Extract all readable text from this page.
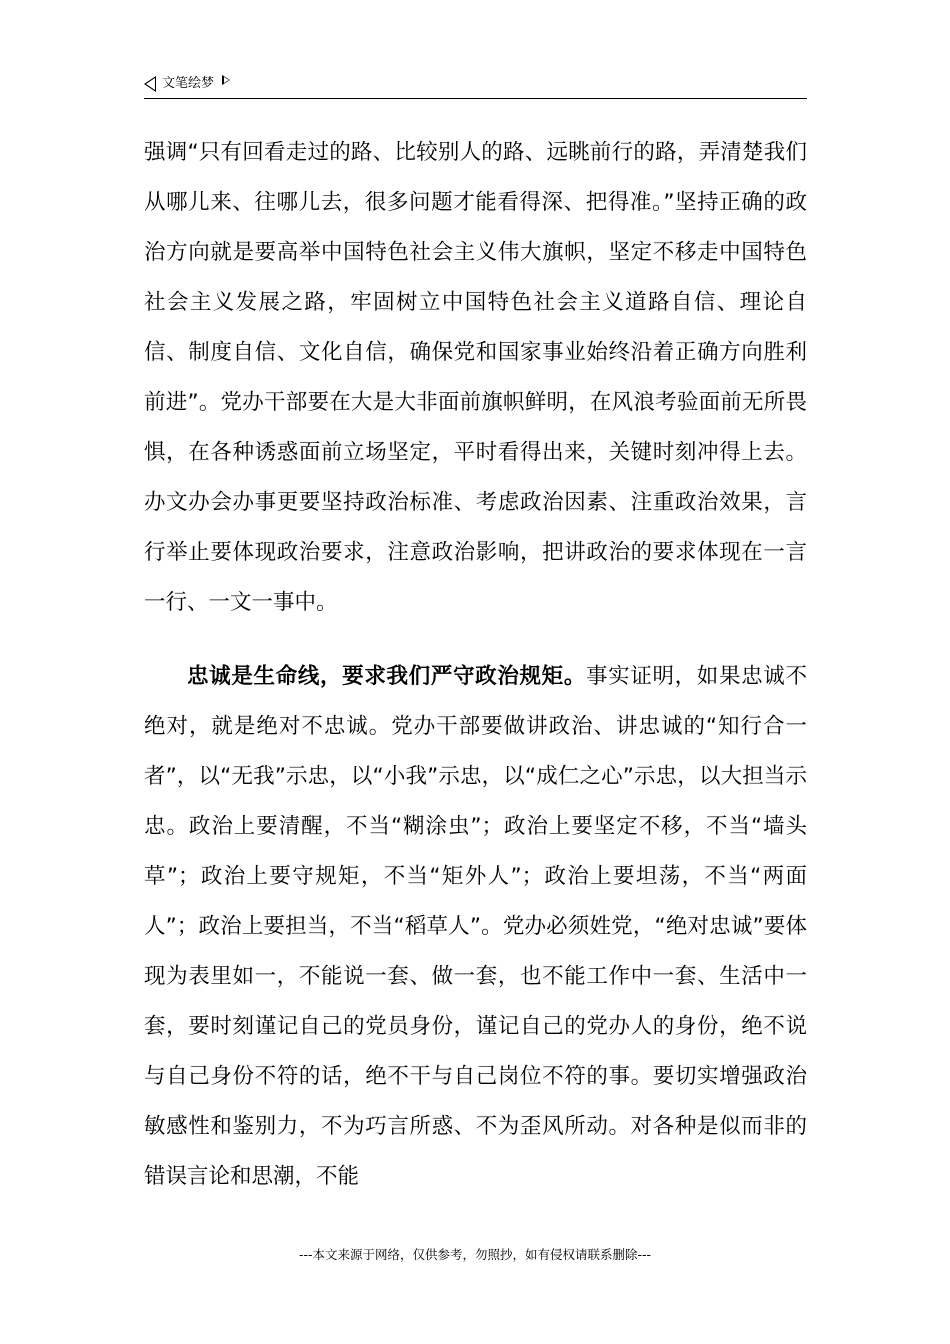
文笔绘梦

强调“只有回看走过的路、比较别人的路、远眺前行的路，弄清楚我们从哪儿来、往哪儿去，很多问题才能看得深、把得准。”坚持正确的政治方向就是要高举中国特色社会主义伟大旗帜，坚定不移走中国特色社会主义发展之路，牢固树立中国特色社会主义道路自信、理论自信、制度自信、文化自信，确保党和国家事业始终沿着正确方向胜利前进”。党办干部要在大是大非面前旗帜鲜明，在风浪考验面前无所畏惧，在各种诱惑面前立场坚定，平时看得出来，关键时刻冲得上去。办文办会办事更要坚持政治标准、考虑政治因素、注重政治效果，言行举止要体现政治要求，注意政治影响，把讲政治的要求体现在一言一行、一文一事中。

忠诚是生命线，要求我们严守政治规矩。事实证明，如果忠诚不绝对，就是绝对不忠诚。党办干部要做讲政治、讲忠诚的“知行合一者”，以“无我”示忠，以“小我”示忠，以“成仁之心”示忠，以大担当示忠。政治上要清醒，不当“糊涂虫”；政治上要坚定不移，不当“墙头草”；政治上要守规矩，不当“矩外人”；政治上要坦荡，不当“两面人”；政治上要担当，不当“稻草人”。党办必须姓党，“绝对忠诚”要体现为表里如一，不能说一套、做一套，也不能工作中一套、生活中一套，要时刻谨记自己的党员身份，谨记自己的党办人的身份，绝不说与自己身份不符的话，绝不干与自己岗位不符的事。要切实增强政治敏感性和鉴别力，不为巧言所惑、不为歪风所动。对各种是似而非的错误言论和思潮，不能

---本文来源于网络，仅供参考，勿照抄，如有侵权请联系删除---
